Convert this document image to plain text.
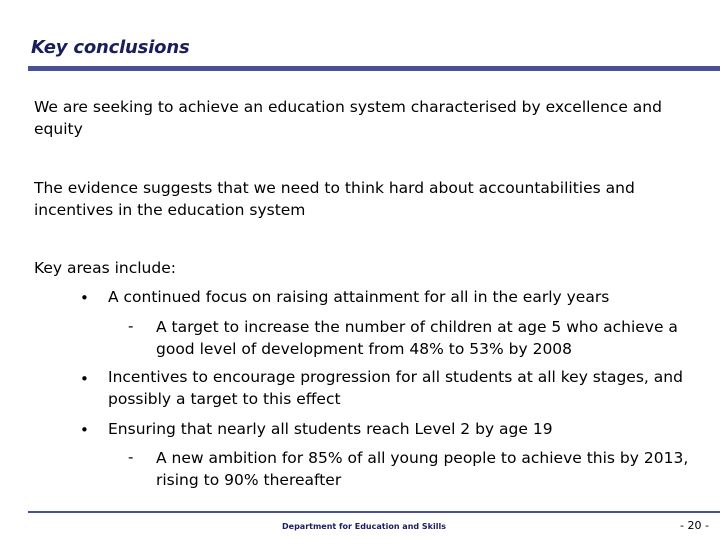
Key conclusions
We are seeking to achieve an education system characterised by excellence and equity
The evidence suggests that we need to think hard about accountabilities and incentives in the education system
Key areas include:
• A continued focus on raising attainment for all in the early years
- A target to increase the number of children at age 5 who achieve a good level of development from 48% to 53% by 2008
• Incentives to encourage progression for all students at all key stages, and possibly a target to this effect
• Ensuring that nearly all students reach Level 2 by age 19
- A new ambition for 85% of all young people to achieve this by 2013, rising to 90% thereafter
Department for Education and Skills	- 20 -
